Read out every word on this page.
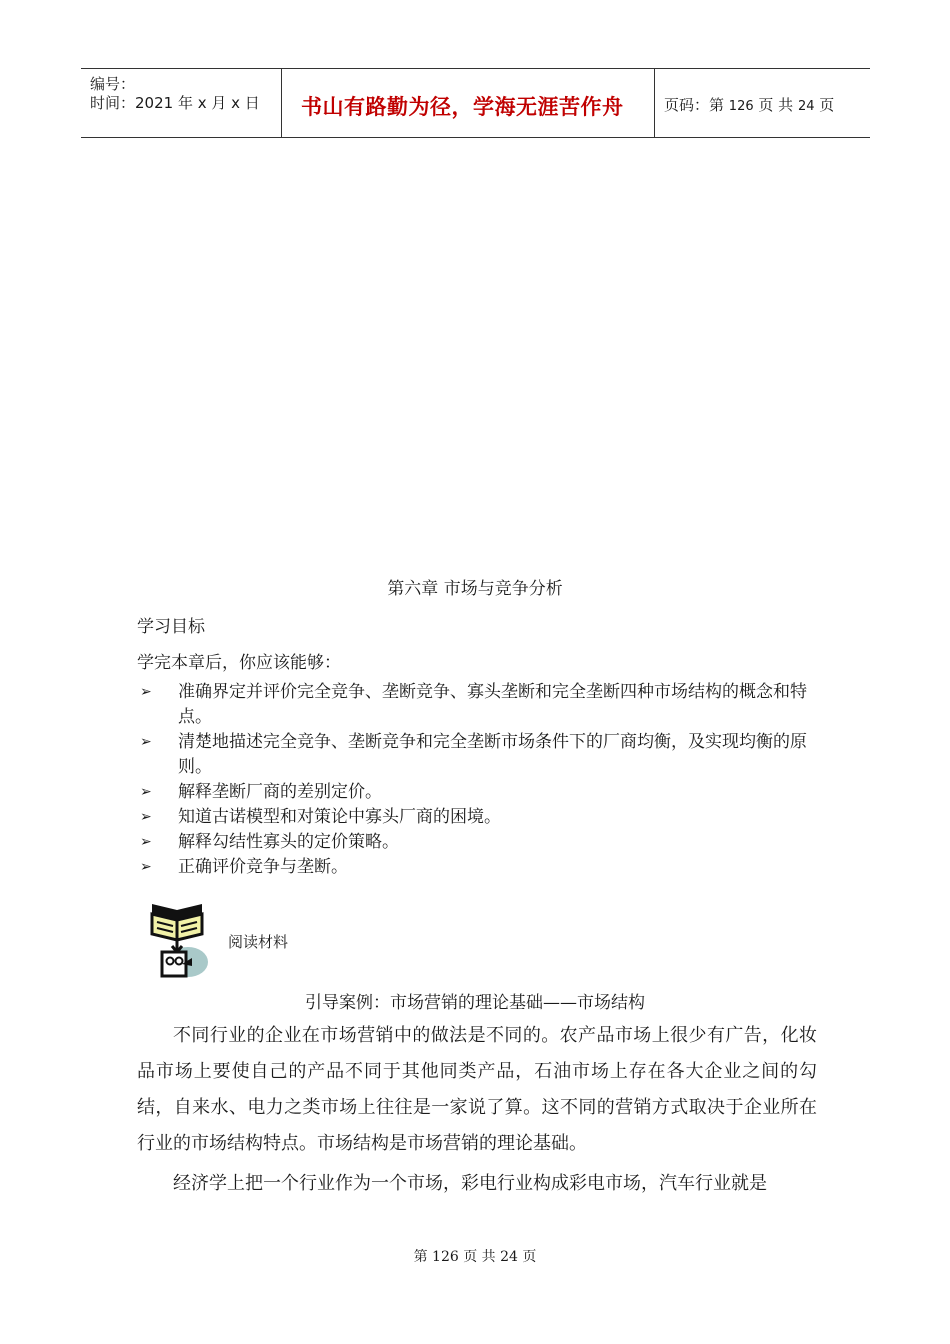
编号：
时间：2021 年 x 月 x 日 书山有路勤为径，学海无涯苦作舟	页码：第 126 页 共 24 页
第六章 市场与竞争分析
学习目标
学完本章后，你应该能够：
➢ 准确界定并评价完全竞争、垄断竞争、寡头垄断和完全垄断四种市场结构的概念和特点。
➢ 清楚地描述完全竞争、垄断竞争和完全垄断市场条件下的厂商均衡，及实现均衡的原则。
➢ 解释垄断厂商的差别定价。
➢ 知道古诺模型和对策论中寡头厂商的困境。
➢ 解释勾结性寡头的定价策略。
➢ 正确评价竞争与垄断。
阅读材料
引导案例：市场营销的理论基础——市场结构

不同行业的企业在市场营销中的做法是不同的。农产品市场上很少有广告，化妆品市场上要使自己的产品不同于其他同类产品，石油市场上存在各大企业之间的勾结，自来水、电力之类市场上往往是一家说了算。这不同的营销方式取决于企业所在行业的市场结构特点。市场结构是市场营销的理论基础。

经济学上把一个行业作为一个市场，彩电行业构成彩电市场，汽车行业就是

第 126 页 共 24 页
